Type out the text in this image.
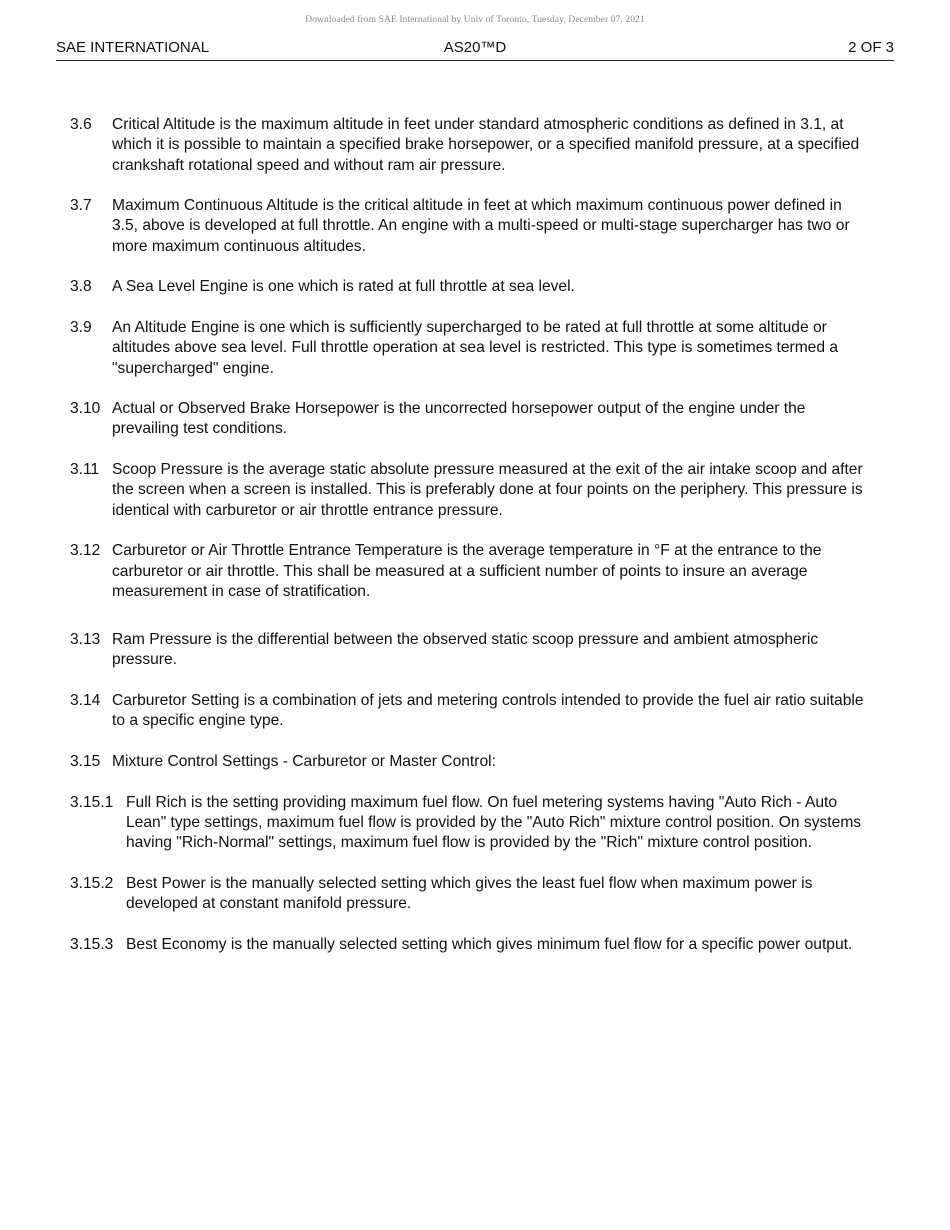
Downloaded from SAE International by Univ of Toronto, Tuesday, December 07, 2021
SAE INTERNATIONAL	AS20™D	2 OF 3
3.6	Critical Altitude is the maximum altitude in feet under standard atmospheric conditions as defined in 3.1, at which it is possible to maintain a specified brake horsepower, or a specified manifold pressure, at a specified crankshaft rotational speed and without ram air pressure.
3.7	Maximum Continuous Altitude is the critical altitude in feet at which maximum continuous power defined in 3.5, above is developed at full throttle. An engine with a multi-speed or multi-stage supercharger has two or more maximum continuous altitudes.
3.8	A Sea Level Engine is one which is rated at full throttle at sea level.
3.9	An Altitude Engine is one which is sufficiently supercharged to be rated at full throttle at some altitude or altitudes above sea level. Full throttle operation at sea level is restricted. This type is sometimes termed a "supercharged" engine.
3.10 Actual or Observed Brake Horsepower is the uncorrected horsepower output of the engine under the prevailing test conditions.
3.11 Scoop Pressure is the average static absolute pressure measured at the exit of the air intake scoop and after the screen when a screen is installed. This is preferably done at four points on the periphery. This pressure is identical with carburetor or air throttle entrance pressure.
3.12 Carburetor or Air Throttle Entrance Temperature is the average temperature in °F at the entrance to the carburetor or air throttle. This shall be measured at a sufficient number of points to insure an average measurement in case of stratification.
3.13 Ram Pressure is the differential between the observed static scoop pressure and ambient atmospheric pressure.
3.14 Carburetor Setting is a combination of jets and metering controls intended to provide the fuel air ratio suitable to a specific engine type.
3.15 Mixture Control Settings - Carburetor or Master Control:
3.15.1 Full Rich is the setting providing maximum fuel flow. On fuel metering systems having "Auto Rich - Auto Lean" type settings, maximum fuel flow is provided by the "Auto Rich" mixture control position. On systems having "Rich-Normal" settings, maximum fuel flow is provided by the "Rich" mixture control position.
3.15.2 Best Power is the manually selected setting which gives the least fuel flow when maximum power is developed at constant manifold pressure.
3.15.3 Best Economy is the manually selected setting which gives minimum fuel flow for a specific power output.
